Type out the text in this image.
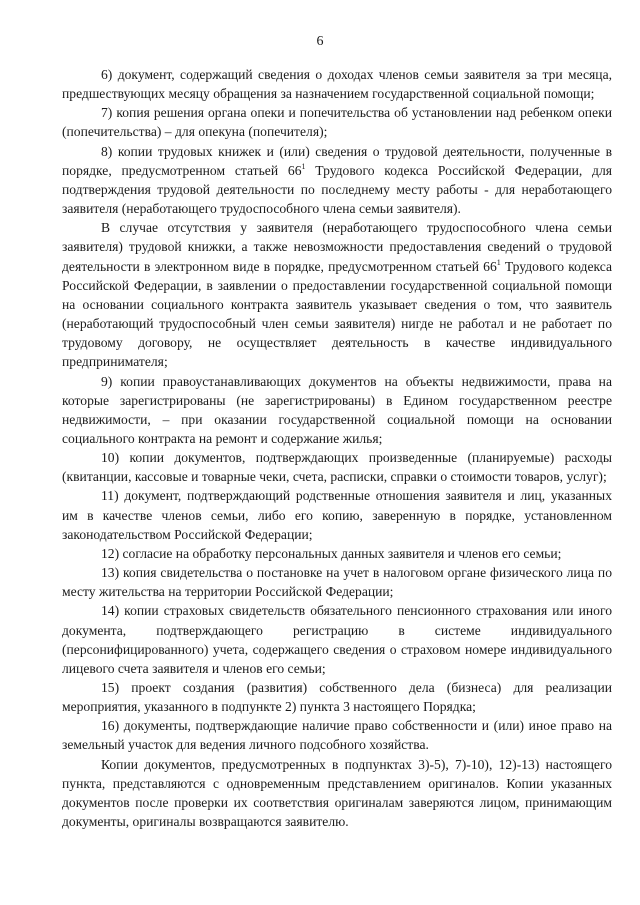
6

6) документ, содержащий сведения о доходах членов семьи заявителя за три месяца, предшествующих месяцу обращения за назначением государственной социальной помощи;

7) копия решения органа опеки и попечительства об установлении над ребенком опеки (попечительства) – для опекуна (попечителя);

8) копии трудовых книжек и (или) сведения о трудовой деятельности, полученные в порядке, предусмотренном статьей 66$^1$ Трудового кодекса Российской Федерации, для подтверждения трудовой деятельности по последнему месту работы - для неработающего заявителя (неработающего трудоспособного члена семьи заявителя).

В случае отсутствия у заявителя (неработающего трудоспособного члена семьи заявителя) трудовой книжки, а также невозможности предоставления сведений о трудовой деятельности в электронном виде в порядке, предусмотренном статьей 66$^1$ Трудового кодекса Российской Федерации, в заявлении о предоставлении государственной социальной помощи на основании социального контракта заявитель указывает сведения о том, что заявитель (неработающий трудоспособный член семьи заявителя) нигде не работал и не работает по трудовому договору, не осуществляет деятельность в качестве индивидуального предпринимателя;

9) копии правоустанавливающих документов на объекты недвижимости, права на которые зарегистрированы (не зарегистрированы) в Едином государственном реестре недвижимости, – при оказании государственной социальной помощи на основании социального контракта на ремонт и содержание жилья;

10) копии документов, подтверждающих произведенные (планируемые) расходы (квитанции, кассовые и товарные чеки, счета, расписки, справки о стоимости товаров, услуг);

11) документ, подтверждающий родственные отношения заявителя и лиц, указанных им в качестве членов семьи, либо его копию, заверенную в порядке, установленном законодательством Российской Федерации;

12) согласие на обработку персональных данных заявителя и членов его семьи;

13) копия свидетельства о постановке на учет в налоговом органе физического лица по месту жительства на территории Российской Федерации;

14) копии страховых свидетельств обязательного пенсионного страхования или иного документа, подтверждающего регистрацию в системе индивидуального (персонифицированного) учета, содержащего сведения о страховом номере индивидуального лицевого счета заявителя и членов его семьи;

15) проект создания (развития) собственного дела (бизнеса) для реализации мероприятия, указанного в подпункте 2) пункта 3 настоящего Порядка;

16) документы, подтверждающие наличие право собственности и (или) иное право на земельный участок для ведения личного подсобного хозяйства.

Копии документов, предусмотренных в подпунктах 3)-5), 7)-10), 12)-13) настоящего пункта, представляются с одновременным представлением оригиналов. Копии указанных документов после проверки их соответствия оригиналам заверяются лицом, принимающим документы, оригиналы возвращаются заявителю.
